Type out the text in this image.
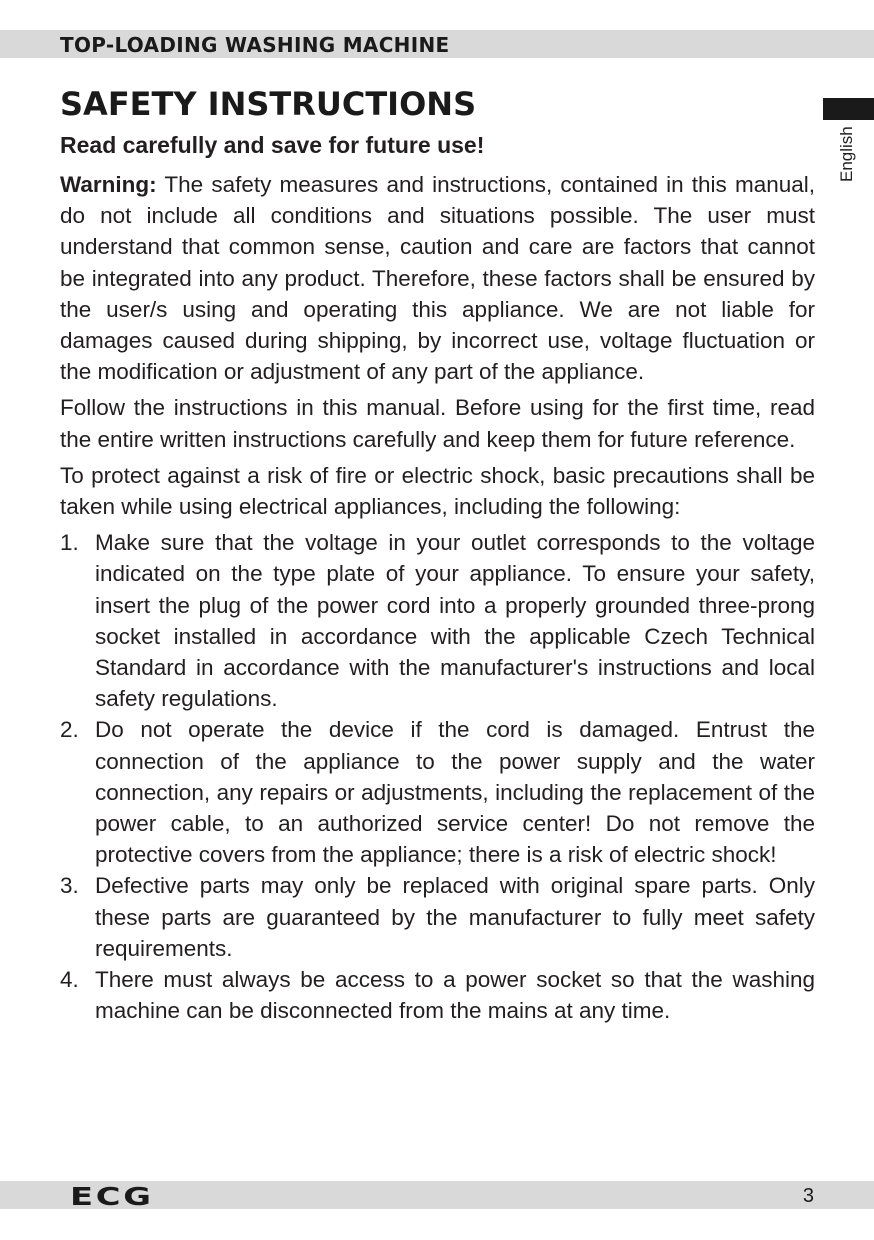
TOP-LOADING WASHING MACHINE
English
SAFETY INSTRUCTIONS
Read carefully and save for future use!

Warning: The safety measures and instructions, contained in this manual, do not include all conditions and situations possible. The user must understand that common sense, caution and care are factors that cannot be integrated into any product. Therefore, these factors shall be ensured by the user/s using and operating this appliance. We are not liable for damages caused during shipping, by incorrect use, voltage fluctuation or the modification or adjustment of any part of the appliance.

Follow the instructions in this manual. Before using for the first time, read the entire written instructions carefully and keep them for future reference.

To protect against a risk of fire or electric shock, basic precautions shall be taken while using electrical appliances, including the following:

1. Make sure that the voltage in your outlet corresponds to the voltage indicated on the type plate of your appliance. To ensure your safety, insert the plug of the power cord into a properly grounded three-prong socket installed in accordance with the applicable Czech Technical Standard in accordance with the manufacturer's instructions and local safety regulations.
2. Do not operate the device if the cord is damaged. Entrust the connection of the appliance to the power supply and the water connection, any repairs or adjustments, including the replacement of the power cable, to an authorized service center! Do not remove the protective covers from the appliance; there is a risk of electric shock!
3. Defective parts may only be replaced with original spare parts. Only these parts are guaranteed by the manufacturer to fully meet safety requirements.
4. There must always be access to a power socket so that the washing machine can be disconnected from the mains at any time.
ECG	3
